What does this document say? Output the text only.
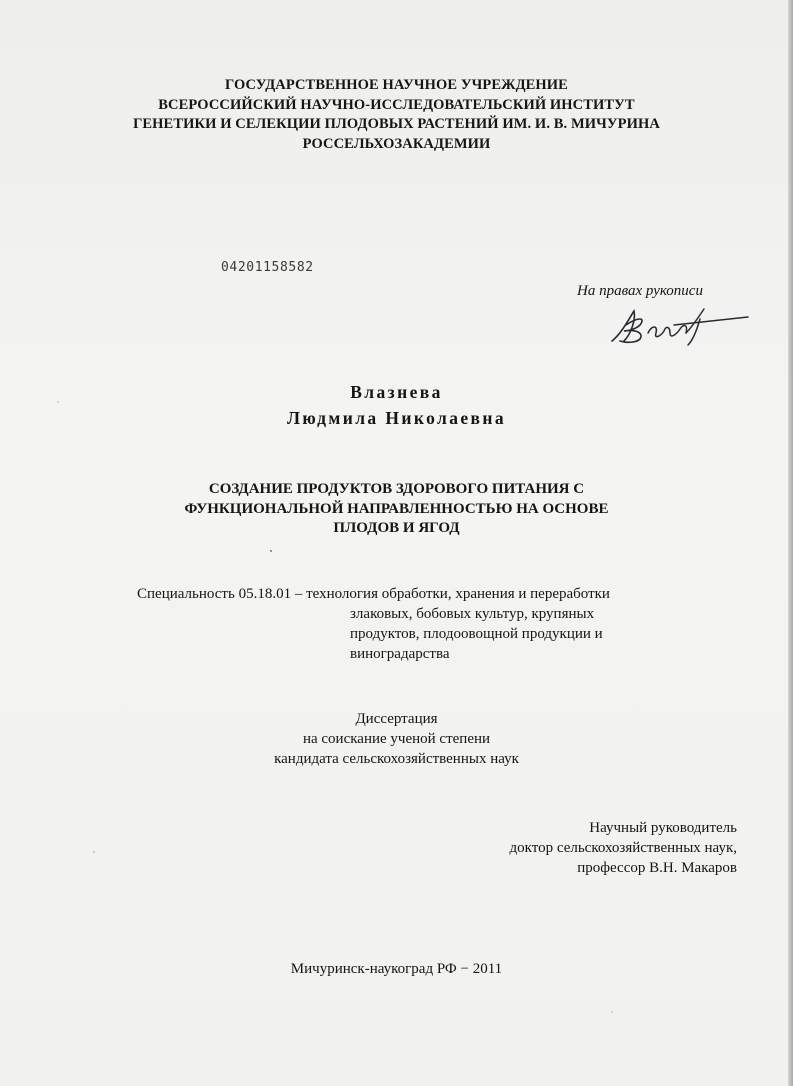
ГОСУДАРСТВЕННОЕ НАУЧНОЕ УЧРЕЖДЕНИЕ
ВСЕРОССИЙСКИЙ НАУЧНО-ИССЛЕДОВАТЕЛЬСКИЙ ИНСТИТУТ
ГЕНЕТИКИ И СЕЛЕКЦИИ ПЛОДОВЫХ РАСТЕНИЙ ИМ. И. В. МИЧУРИНА
РОССЕЛЬХОЗАКАДЕМИИ
04201158582
На правах рукописи
Влазнева
Людмила Николаевна
СОЗДАНИЕ ПРОДУКТОВ ЗДОРОВОГО ПИТАНИЯ С
ФУНКЦИОНАЛЬНОЙ НАПРАВЛЕННОСТЬЮ НА ОСНОВЕ
ПЛОДОВ И ЯГОД
Специальность 05.18.01 – технология обработки, хранения и переработки
злаковых, бобовых культур, крупяных
продуктов, плодоовощной продукции и
виноградарства
Диссертация
на соискание ученой степени
кандидата сельскохозяйственных наук
Научный руководитель
доктор сельскохозяйственных наук,
профессор В.Н. Макаров
Мичуринск-наукоград РФ − 2011
